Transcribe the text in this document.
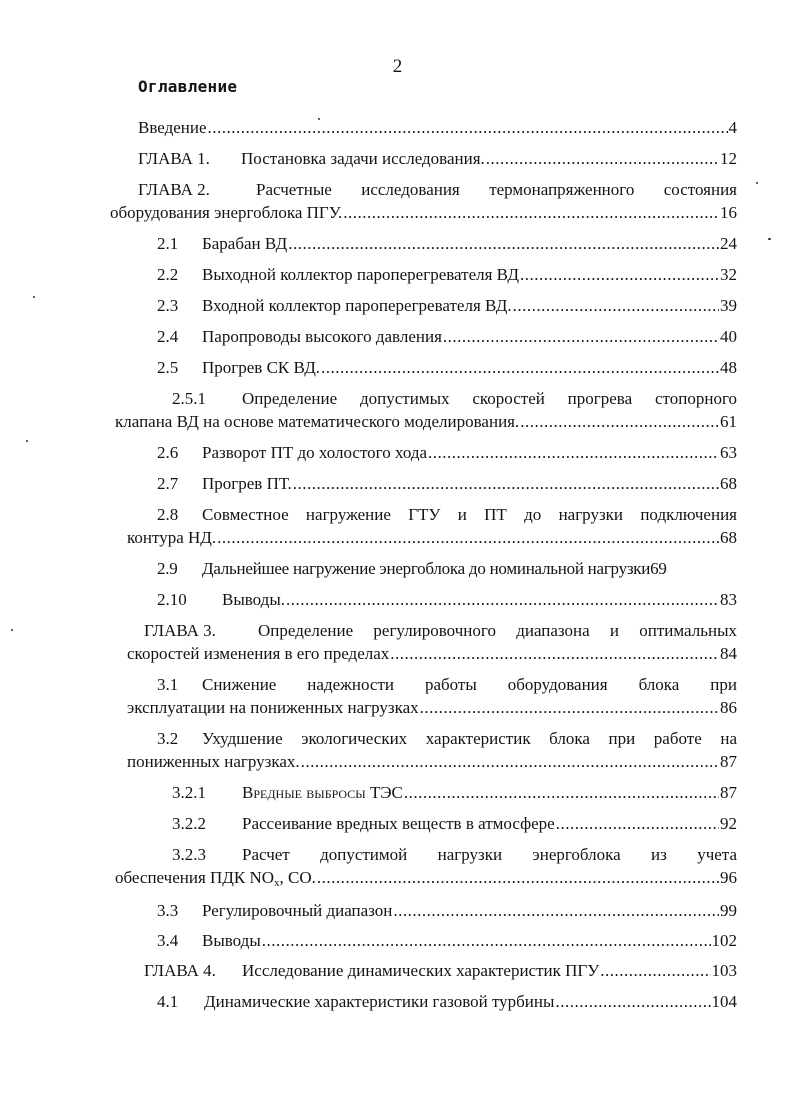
2
Оглавление
Введение .....	4
ГЛАВА 1.	Постановка задачи исследования. .....	12
ГЛАВА 2.	Расчетные исследования термонапряженного состояния
оборудования энергоблока ПГУ. .....	16
2.1	Барабан ВД .....	24
2.2	Выходной коллектор пароперегревателя ВД .....	32
2.3	Входной коллектор пароперегревателя ВД. .....	39
2.4	Паропроводы высокого давления .....	40
2.5	Прогрев СК ВД. .....	48
2.5.1	Определение допустимых скоростей прогрева стопорного
клапана ВД на основе математического моделирования. .....	61
2.6	Разворот ПТ до холостого хода .....	63
2.7	Прогрев ПТ. .....	68
2.8	Совместное нагружение ГТУ и ПТ до нагрузки подключения
контура НД. .....	68
2.9	Дальнейшее нагружение энергоблока до номинальной нагрузки 69
2.10	Выводы. .....	83
ГЛАВА 3.	Определение регулировочного диапазона и оптимальных
скоростей изменения в его пределах .....	84
3.1	Снижение надежности работы оборудования блока при
эксплуатации на пониженных нагрузках .....	86
3.2	Ухудшение экологических характеристик блока при работе на
пониженных нагрузках. .....	87
3.2.1	Вредные выбросы ТЭС .....	87
3.2.2	Рассеивание вредных веществ в атмосфере .....	92
3.2.3	Расчет допустимой нагрузки энергоблока из учета
обеспечения ПДК $NO_x$, CO. .....	96
3.3	Регулировочный диапазон .....	99
3.4	Выводы .....	102
ГЛАВА 4.	Исследование динамических характеристик ПГУ .....	103
4.1	Динамические характеристики газовой турбины .....	104
